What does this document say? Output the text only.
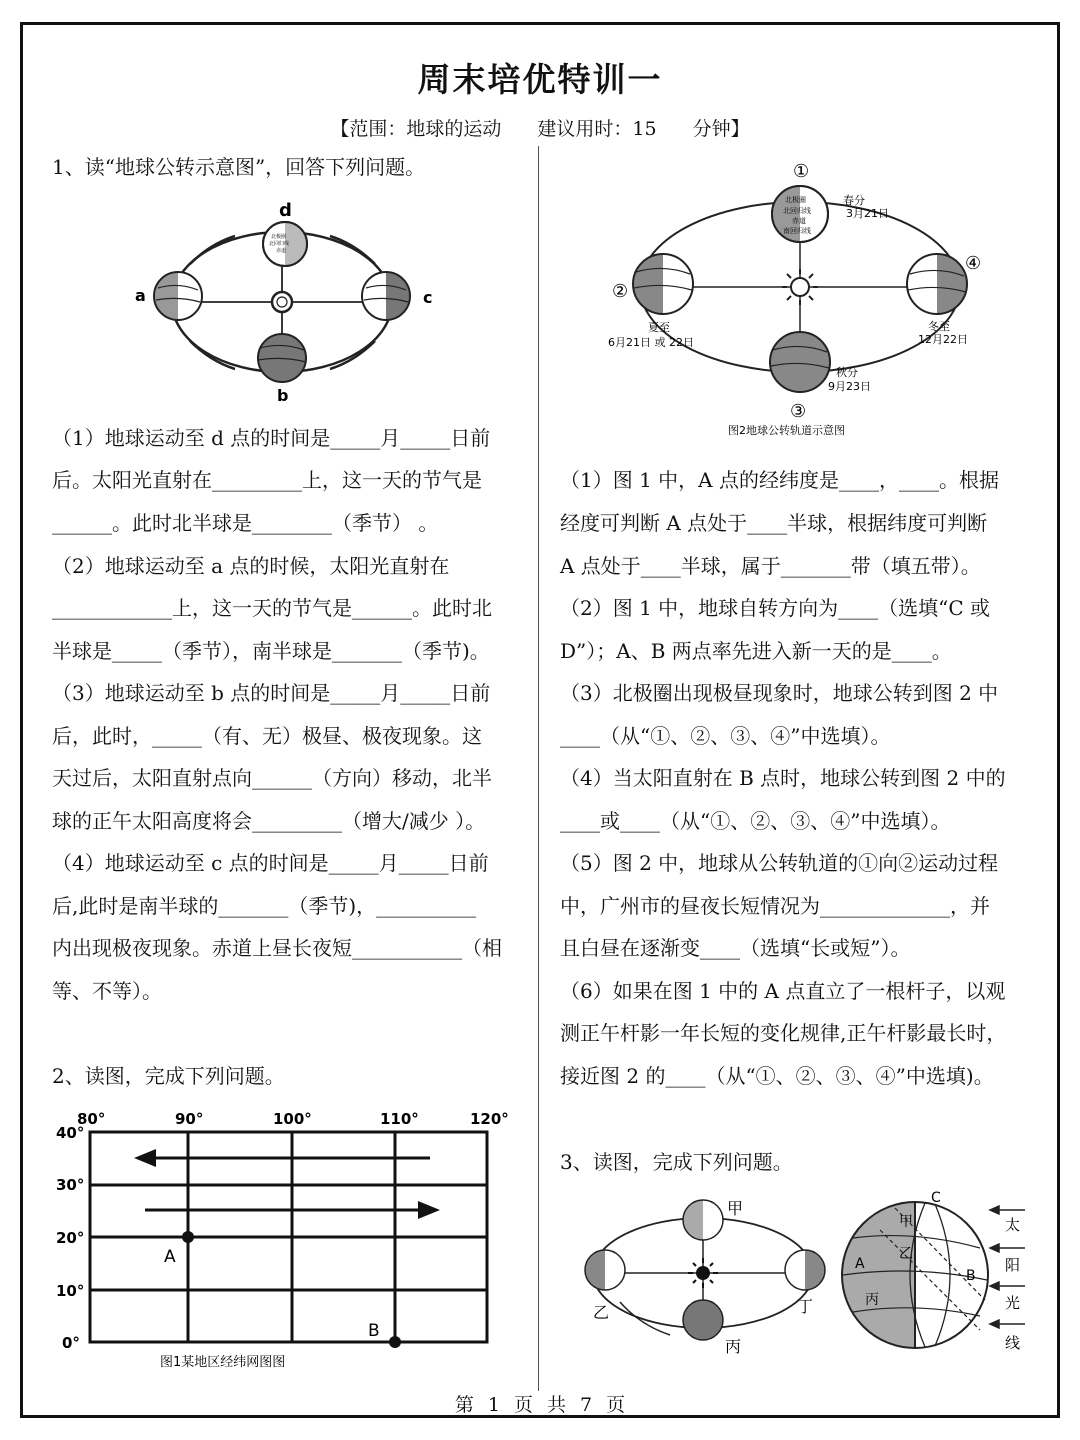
周末培优特训一
【范围：地球的运动 建议用时：15 分钟】

1、读“地球公转示意图”，回答下列问题。

北极圈
北回归线
赤道
d
a	c
b

（1）地球运动至 d 点的时间是_____月_____日前

后。太阳光直射在_________上，这一天的节气是

______。此时北半球是________（季节） 。

（2）地球运动至 a 点的时候，太阳光直射在

____________上，这一天的节气是______。此时北

半球是_____（季节），南半球是_______（季节)。

（3）地球运动至 b 点的时间是_____月_____日前

后，此时，_____（有、无）极昼、极夜现象。这

天过后，太阳直射点向______（方向）移动，北半

球的正午太阳高度将会_________（增大/减少 ）。

（4）地球运动至 c 点的时间是_____月_____日前

后,此时是南半球的_______（季节)，__________

内出现极夜现象。赤道上昼长夜短___________（相

等、不等）。

2、读图，完成下列问题。

80°	90°	100°	110°	120°
40°
30°
20°
10°
0°
A
B
图1某地区经纬网图图
北极圈
北回归线
赤道
南回归线
①
②
③
④
春分
3月21日
夏至
6月21日 或 22日
秋分
9月23日
冬至
12月22日
图2地球公转轨道示意图

（1）图 1 中，A 点的经纬度是____，____。根据

经度可判断 A 点处于____半球，根据纬度可判断

A 点处于____半球，属于_______带（填五带）。

（2）图 1 中，地球自转方向为____（选填“C 或

D”）；A、B 两点率先进入新一天的是____。

（3）北极圈出现极昼现象时，地球公转到图 2 中

____（从“①、②、③、④”中选填）。

（4）当太阳直射在 B 点时，地球公转到图 2 中的

____或____（从“①、②、③、④”中选填）。

（5）图 2 中，地球从公转轨道的①向②运动过程

中，广州市的昼夜长短情况为_____________，并

且白昼在逐渐变____（选填“长或短”）。

（6）如果在图 1 中的 A 点直立了一根杆子，以观

测正午杆影一年长短的变化规律,正午杆影最长时，

接近图 2 的____（从“①、②、③、④”中选填)。

3、读图，完成下列问题。

甲
乙
丙
丁
C
甲
乙
丙
A
B
太
阳
光
线
第 1 页 共 7 页
